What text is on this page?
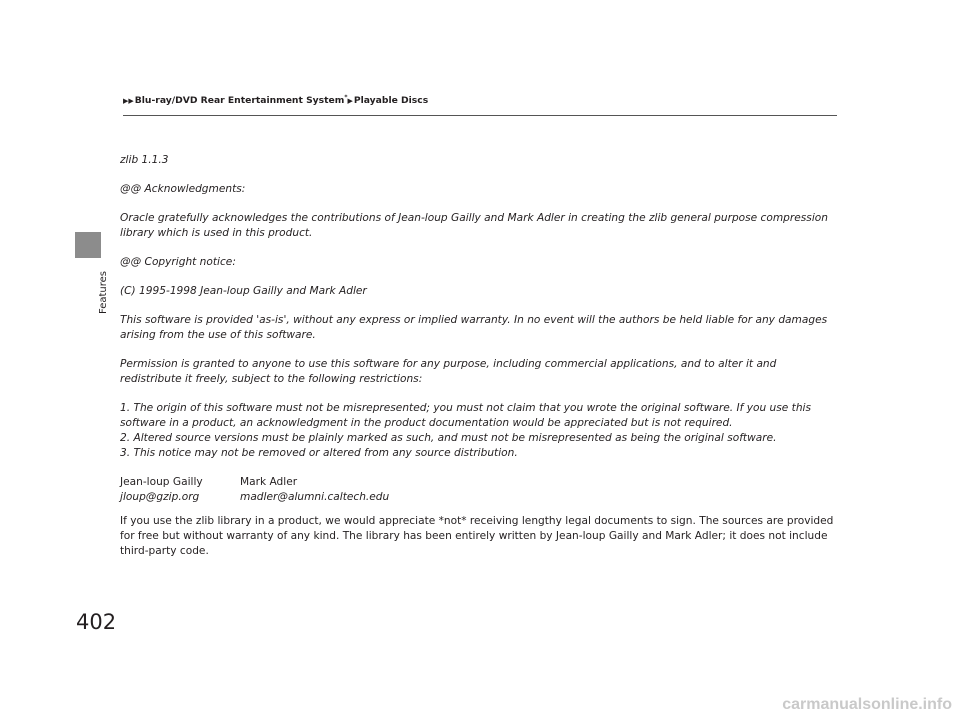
Features
▶▶Blu-ray/DVD Rear Entertainment System*▶Playable Discs

zlib 1.1.3

@@ Acknowledgments:

Oracle gratefully acknowledges the contributions of Jean-loup Gailly and Mark Adler in creating the zlib general purpose compression library which is used in this product.

@@ Copyright notice:

(C) 1995-1998 Jean-loup Gailly and Mark Adler

This software is provided 'as-is', without any express or implied warranty. In no event will the authors be held liable for any damages arising from the use of this software.

Permission is granted to anyone to use this software for any purpose, including commercial applications, and to alter it and redistribute it freely, subject to the following restrictions:

1. The origin of this software must not be misrepresented; you must not claim that you wrote the original software. If you use this software in a product, an acknowledgment in the product documentation would be appreciated but is not required.
2. Altered source versions must be plainly marked as such, and must not be misrepresented as being the original software.
3. This notice may not be removed or altered from any source distribution.

Jean-loup Gailly	Mark Adler
jloup@gzip.org	madler@alumni.caltech.edu

If you use the zlib library in a product, we would appreciate *not* receiving lengthy legal documents to sign. The sources are provided for free but without warranty of any kind. The library has been entirely written by Jean-loup Gailly and Mark Adler; it does not include third-party code.

402
carmanualsonline.info
